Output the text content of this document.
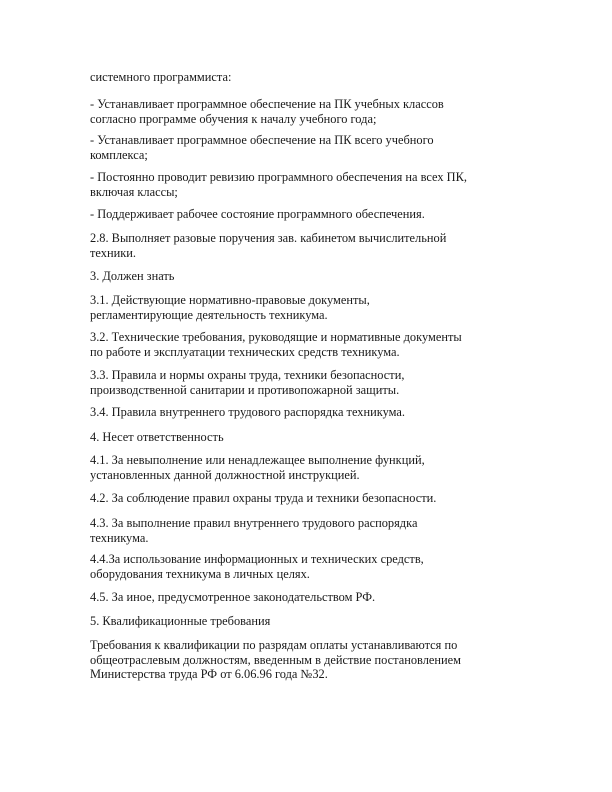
системного программиста:

- Устанавливает программное обеспечение на ПК учебных классов
согласно программе обучения к началу учебного года;

- Устанавливает программное обеспечение на ПК всего учебного
комплекса;

- Постоянно проводит ревизию программного обеспечения на всех ПК,
включая классы;

- Поддерживает рабочее состояние программного обеспечения.

2.8. Выполняет разовые поручения зав. кабинетом вычислительной
техники.

3. Должен знать

3.1. Действующие нормативно-правовые документы,
регламентирующие деятельность техникума.

3.2. Технические требования, руководящие и нормативные документы
по работе и эксплуатации технических средств техникума.

3.3. Правила и нормы охраны труда, техники безопасности,
производственной санитарии и противопожарной защиты.

3.4. Правила внутреннего трудового распорядка техникума.

4. Несет ответственность

4.1. За невыполнение или ненадлежащее выполнение функций,
установленных данной должностной инструкцией.

4.2. За соблюдение правил охраны труда и техники безопасности.

4.3. За выполнение правил внутреннего трудового распорядка
техникума.

4.4.За использование информационных и технических средств,
оборудования техникума в личных целях.

4.5. За иное, предусмотренное законодательством РФ.

5. Квалификационные требования

Требования к квалификации по разрядам оплаты устанавливаются по
общеотраслевым должностям, введенным в действие постановлением
Министерства труда РФ от 6.06.96 года №32.
